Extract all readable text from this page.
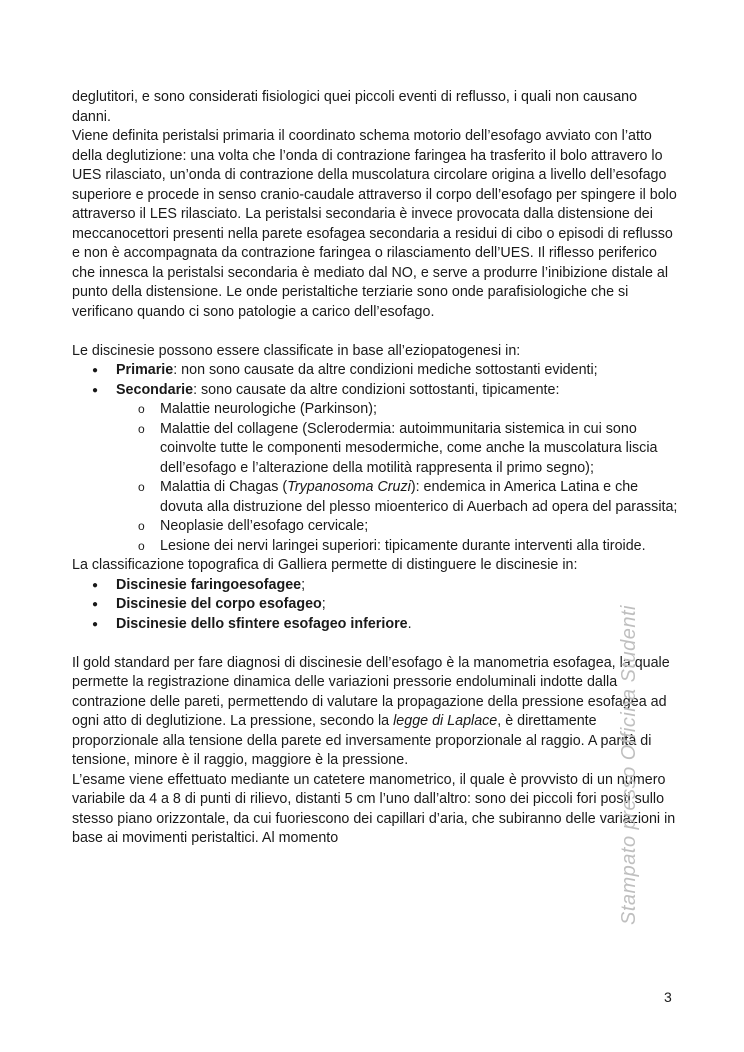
deglutitori, e sono considerati fisiologici quei piccoli eventi di reflusso, i quali non causano danni.

Viene definita peristalsi primaria il coordinato schema motorio dell’esofago avviato con l’atto della deglutizione: una volta che l’onda di contrazione faringea ha trasferito il bolo attravero lo UES rilasciato, un’onda di contrazione della muscolatura circolare origina a livello dell’esofago superiore e procede in senso cranio-caudale attraverso il corpo dell’esofago per spingere il bolo attraverso il LES rilasciato. La peristalsi secondaria è invece provocata dalla distensione dei meccanocettori presenti nella parete esofagea secondaria a residui di cibo o episodi di reflusso e non è accompagnata da contrazione faringea o rilasciamento dell’UES. Il riflesso periferico che innesca la peristalsi secondaria è mediato dal NO, e serve a produrre l’inibizione distale al punto della distensione. Le onde peristaltiche terziarie sono onde parafisiologiche che si verificano quando ci sono patologie a carico dell’esofago.

Le discinesie possono essere classificate in base all’eziopatogenesi in:

● Primarie: non sono causate da altre condizioni mediche sottostanti evidenti;
● Secondarie: sono causate da altre condizioni sottostanti, tipicamente:
o Malattie neurologiche (Parkinson);
o Malattie del collagene (Sclerodermia: autoimmunitaria sistemica in cui sono coinvolte tutte le componenti mesodermiche, come anche la muscolatura liscia dell’esofago e l’alterazione della motilità rappresenta il primo segno);
o Malattia di Chagas (Trypanosoma Cruzi): endemica in America Latina e che dovuta alla distruzione del plesso mioenterico di Auerbach ad opera del parassita;
o Neoplasie dell’esofago cervicale;
o Lesione dei nervi laringei superiori: tipicamente durante interventi alla tiroide.

La classificazione topografica di Galliera permette di distinguere le discinesie in:

● Discinesie faringoesofagee;
● Discinesie del corpo esofageo;
● Discinesie dello sfintere esofageo inferiore.

Il gold standard per fare diagnosi di discinesie dell’esofago è la manometria esofagea, la quale permette la registrazione dinamica delle variazioni pressorie endoluminali indotte dalla contrazione delle pareti, permettendo di valutare la propagazione della pressione esofagea ad ogni atto di deglutizione. La pressione, secondo la legge di Laplace, è direttamente proporzionale alla tensione della parete ed inversamente proporzionale al raggio. A parità di tensione, minore è il raggio, maggiore è la pressione.

L’esame viene effettuato mediante un catetere manometrico, il quale è provvisto di un numero variabile da 4 a 8 di punti di rilievo, distanti 5 cm l’uno dall’altro: sono dei piccoli fori posti sullo stesso piano orizzontale, da cui fuoriescono dei capillari d’aria, che subiranno delle variazioni in base ai movimenti peristaltici. Al momento	Stampato presso Officina Studenti
3
